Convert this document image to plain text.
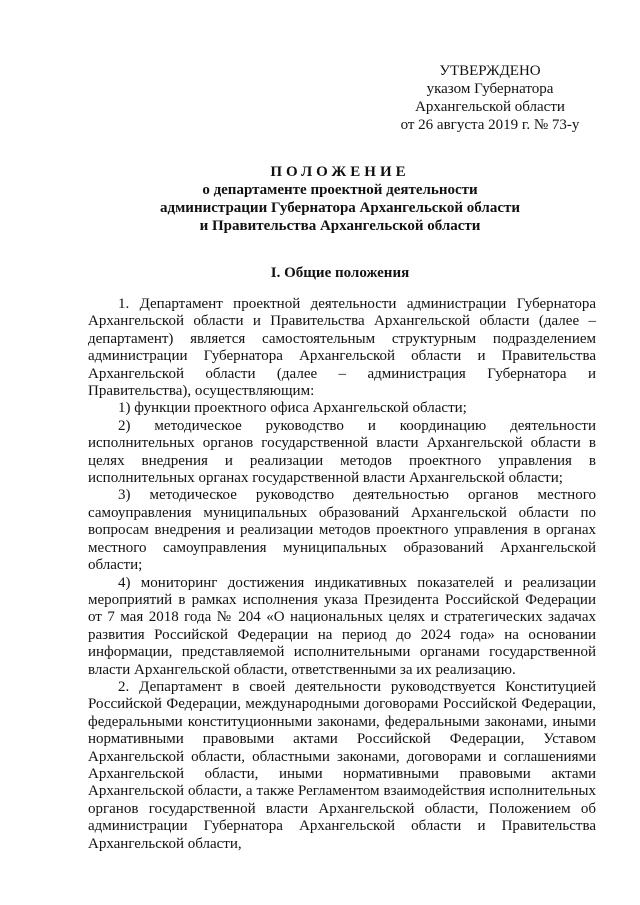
УТВЕРЖДЕНО
указом Губернатора
Архангельской области
от 26 августа 2019 г. № 73-у
ПОЛОЖЕНИЕ
о департаменте проектной деятельности
администрации Губернатора Архангельской области
и Правительства Архангельской области
I. Общие положения

1. Департамент проектной деятельности администрации Губернатора Архангельской области и Правительства Архангельской области (далее – департамент) является самостоятельным структурным подразделением администрации Губернатора Архангельской области и Правительства Архангельской области (далее – администрация Губернатора и Правительства), осуществляющим:

1) функции проектного офиса Архангельской области;

2) методическое руководство и координацию деятельности исполнительных органов государственной власти Архангельской области в целях внедрения и реализации методов проектного управления в исполнительных органах государственной власти Архангельской области;

3) методическое руководство деятельностью органов местного самоуправления муниципальных образований Архангельской области по вопросам внедрения и реализации методов проектного управления в органах местного самоуправления муниципальных образований Архангельской области;

4) мониторинг достижения индикативных показателей и реализации мероприятий в рамках исполнения указа Президента Российской Федерации от 7 мая 2018 года № 204 «О национальных целях и стратегических задачах развития Российской Федерации на период до 2024 года» на основании информации, представляемой исполнительными органами государственной власти Архангельской области, ответственными за их реализацию.

2. Департамент в своей деятельности руководствуется Конституцией Российской Федерации, международными договорами Российской Федерации, федеральными конституционными законами, федеральными законами, иными нормативными правовыми актами Российской Федерации, Уставом Архангельской области, областными законами, договорами и соглашениями Архангельской области, иными нормативными правовыми актами Архангельской области, а также Регламентом взаимодействия исполнительных органов государственной власти Архангельской области, Положением об администрации Губернатора Архангельской области и Правительства Архангельской области,
